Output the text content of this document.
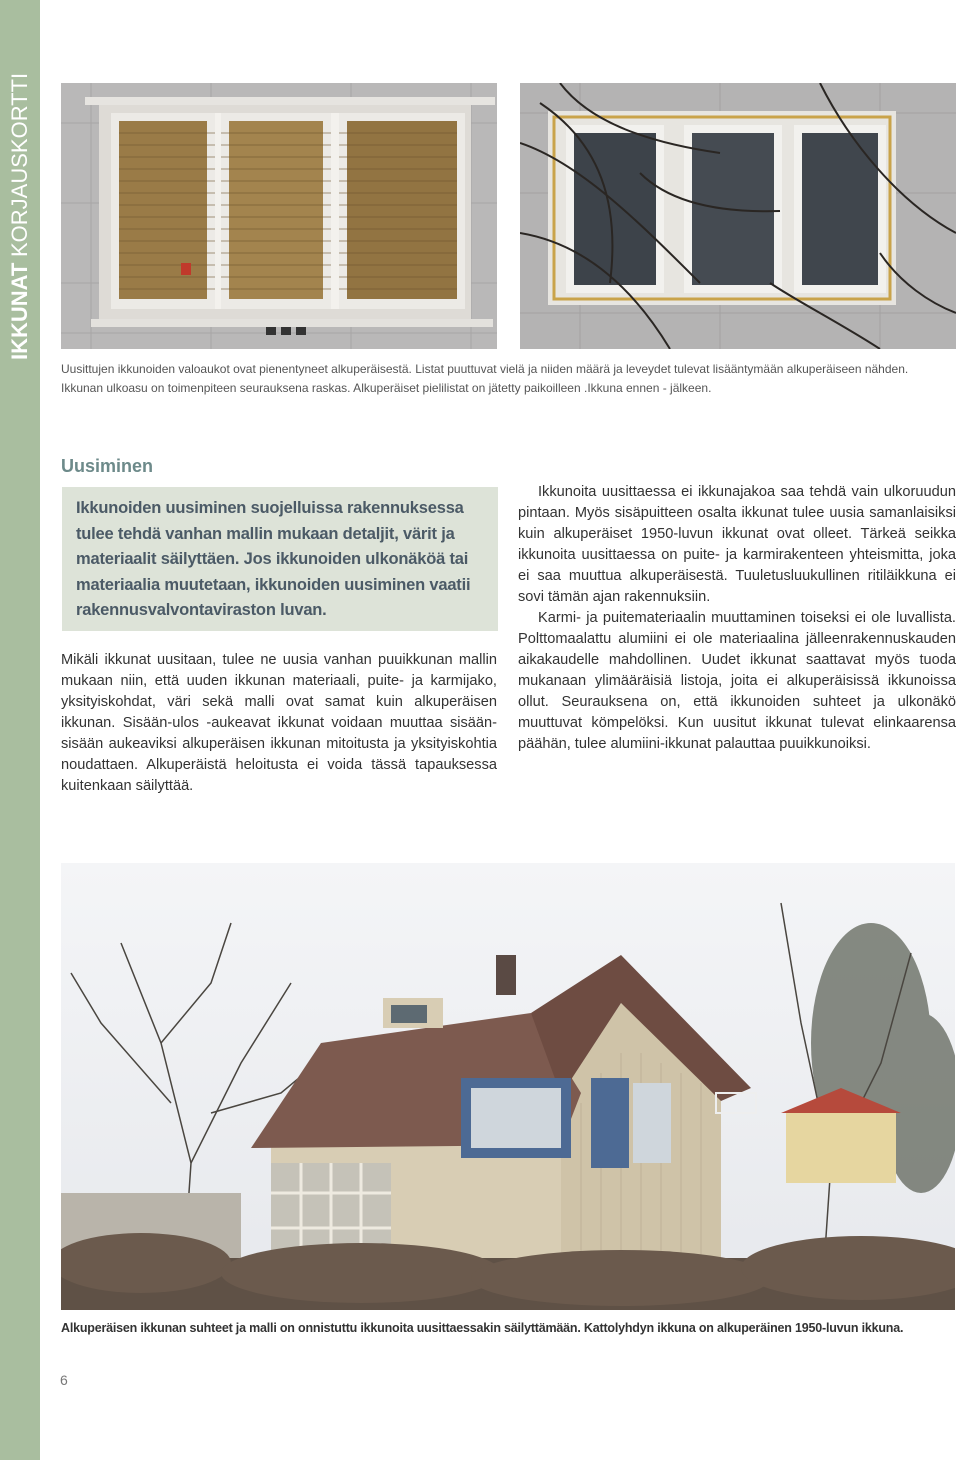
IKKUNATKORJAUSKORTTI
Uusittujen ikkunoiden valoaukot ovat pienentyneet alkuperäisestä. Listat puuttuvat vielä ja niiden määrä ja leveydet tulevat lisääntymään alkuperäiseen nähden. Ikkunan ulkoasu on toimenpiteen seurauksena raskas. Alkuperäiset pielilistat on jätetty paikoilleen .Ikkuna ennen - jälkeen.
Uusiminen
Ikkunoiden uusiminen suojelluissa rakennuksessa tulee tehdä vanhan mallin mukaan detaljit, värit ja materiaalit säilyttäen. Jos ikkunoiden ulkonäköä tai materiaalia muutetaan, ikkunoiden uusiminen vaatii rakennusvalvontaviraston luvan.

Mikäli ikkunat uusitaan, tulee ne uusia vanhan puuikkunan mallin mukaan niin, että uuden ikkunan materiaali, puite- ja karmijako, yksityiskohdat, väri sekä malli ovat samat kuin alkuperäisen ikkunan. Sisään-ulos -aukeavat ikkunat voidaan muuttaa sisään-sisään aukeaviksi alkuperäisen ikkunan mitoitusta ja yksityiskohtia noudattaen. Alkuperäistä heloitusta ei voida tässä tapauksessa kuitenkaan säilyttää.

Ikkunoita uusittaessa ei ikkunajakoa saa tehdä vain ulkoruudun pintaan. Myös sisäpuitteen osalta ikkunat tulee uusia samanlaisiksi kuin alkuperäiset 1950-luvun ikkunat ovat olleet. Tärkeä seikka ikkunoita uusittaessa on puite- ja karmirakenteen yhteismitta, joka ei saa muuttua alkuperäisestä. Tuuletusluukullinen ritiläikkuna ei sovi tämän ajan rakennuksiin.

Karmi- ja puitemateriaalin muuttaminen toiseksi ei ole luvallista. Polttomaalattu alumiini ei ole materiaalina jälleenrakennuskauden aikakaudelle mahdollinen. Uudet ikkunat saattavat myös tuoda mukanaan ylimääräisiä listoja, joita ei alkuperäisissä ikkunoissa ollut. Seurauksena on, että ikkunoiden suhteet ja ulkonäkö muuttuvat kömpelöksi. Kun uusitut ikkunat tulevat elinkaarensa päähän, tulee alumiini-ikkunat palauttaa puuikkunoiksi.

Alkuperäisen ikkunan suhteet ja malli on onnistuttu ikkunoita uusittaessakin säilyttämään. Kattolyhdyn ikkuna on alkuperäinen 1950-luvun ikkuna.
6
